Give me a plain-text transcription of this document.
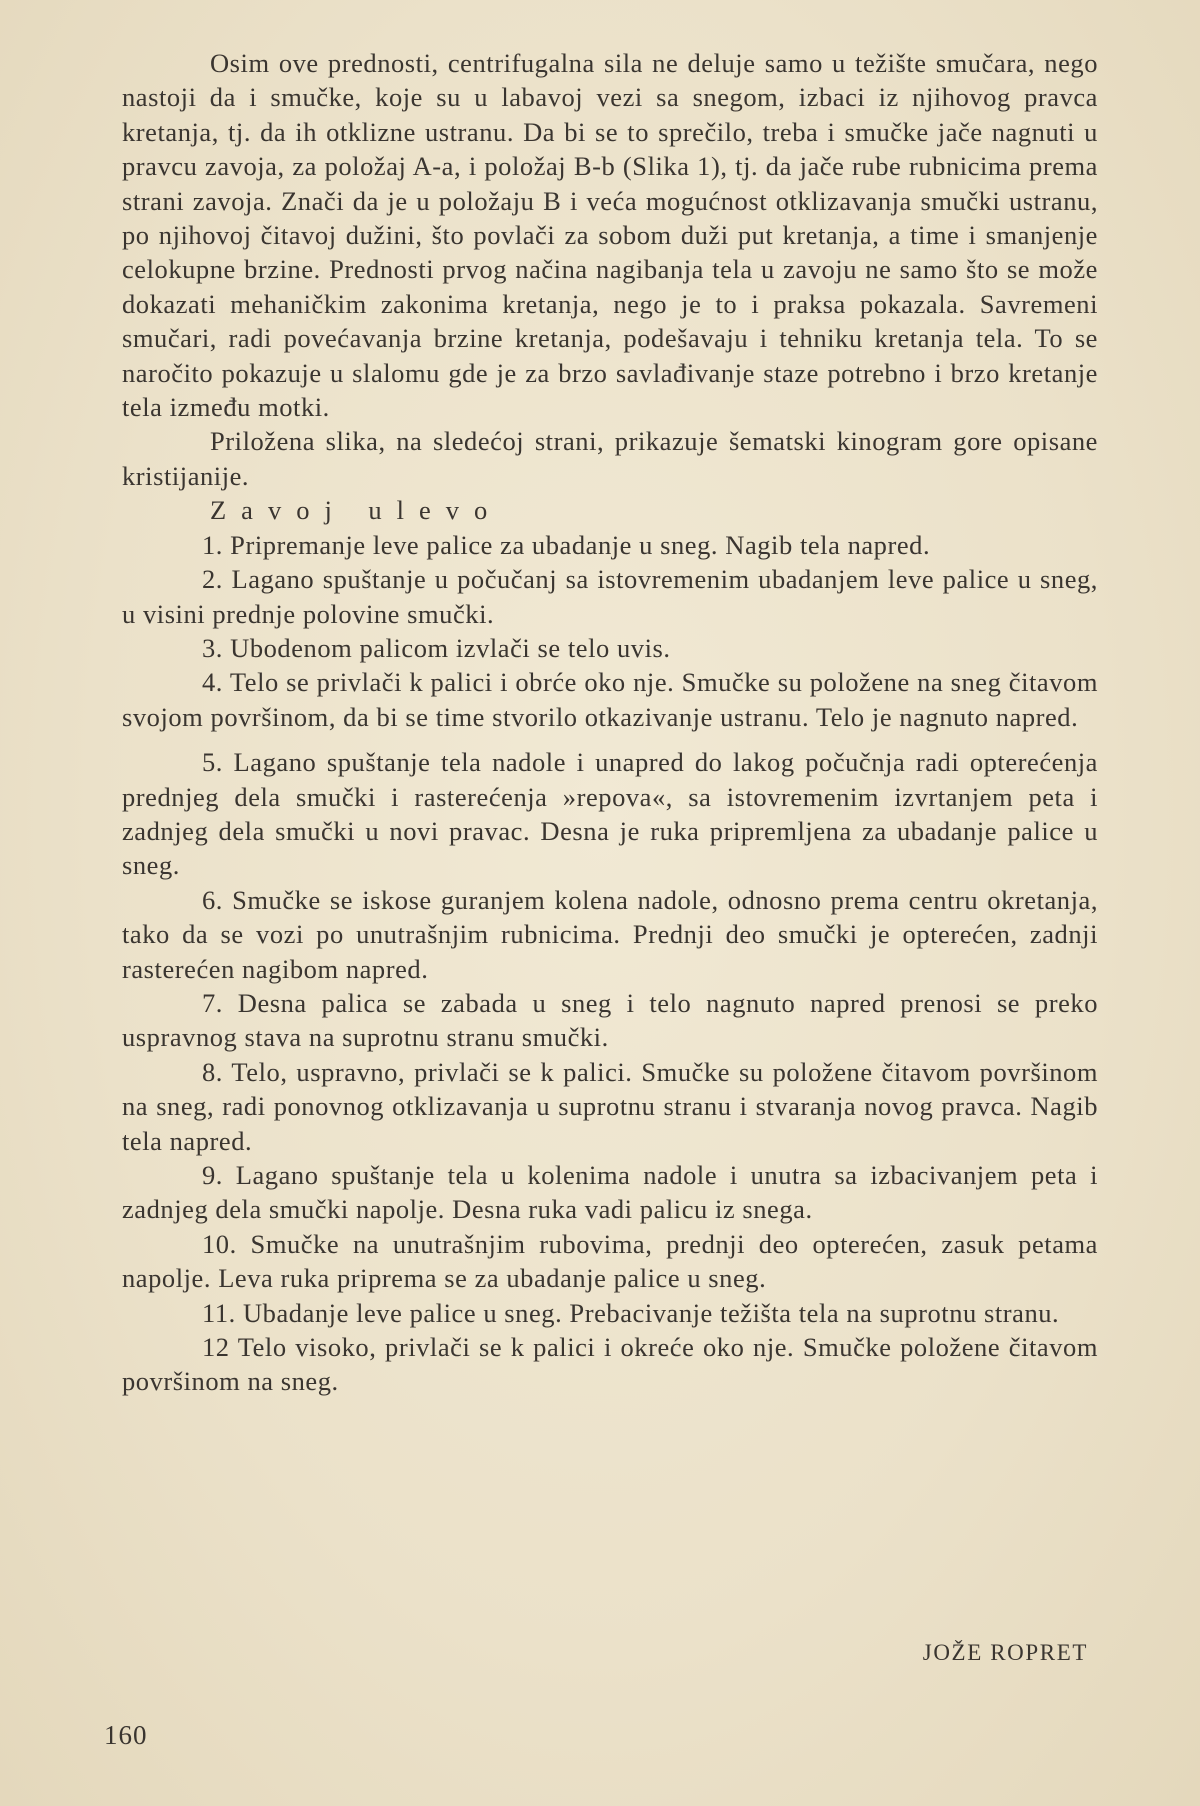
Osim ove prednosti, centrifugalna sila ne deluje samo u težište smučara, nego nastoji da i smučke, koje su u labavoj vezi sa snegom, izbaci iz njihovog pravca kretanja, tj. da ih otklizne ustranu. Da bi se to sprečilo, treba i smučke jače nagnuti u pravcu zavoja, za položaj A-a, i položaj B-b (Slika 1), tj. da jače rube rubnicima prema strani zavoja. Znači da je u položaju B i veća mogućnost otklizavanja smučki ustranu, po njihovoj čitavoj dužini, što povlači za sobom duži put kretanja, a time i smanjenje celokupne brzine. Prednosti prvog načina nagibanja tela u zavoju ne samo što se može dokazati mehaničkim zakonima kretanja, nego je to i praksa pokazala. Savremeni smučari, radi povećavanja brzine kretanja, podešavaju i tehniku kretanja tela. To se naročito pokazuje u slalomu gde je za brzo savlađivanje staze potrebno i brzo kretanje tela između motki.

Priložena slika, na sledećoj strani, prikazuje šematski kinogram gore opisane kristijanije.

Zavoj ulevo

1. Pripremanje leve palice za ubadanje u sneg. Nagib tela napred.

2. Lagano spuštanje u počučanj sa istovremenim ubadanjem leve palice u sneg, u visini prednje polovine smučki.

3. Ubodenom palicom izvlači se telo uvis.

4. Telo se privlači k palici i obrće oko nje. Smučke su položene na sneg čitavom svojom površinom, da bi se time stvorilo otkazivanje ustranu. Telo je nagnuto napred.

5. Lagano spuštanje tela nadole i unapred do lakog počučnja radi opterećenja prednjeg dela smučki i rasterećenja »repova«, sa istovremenim izvrtanjem peta i zadnjeg dela smučki u novi pravac. Desna je ruka pripremljena za ubadanje palice u sneg.

6. Smučke se iskose guranjem kolena nadole, odnosno prema centru okretanja, tako da se vozi po unutrašnjim rubnicima. Prednji deo smučki je opterećen, zadnji rasterećen nagibom napred.

7. Desna palica se zabada u sneg i telo nagnuto napred prenosi se preko uspravnog stava na suprotnu stranu smučki.

8. Telo, uspravno, privlači se k palici. Smučke su položene čitavom površinom na sneg, radi ponovnog otklizavanja u suprotnu stranu i stvaranja novog pravca. Nagib tela napred.

9. Lagano spuštanje tela u kolenima nadole i unutra sa izbacivanjem peta i zadnjeg dela smučki napolje. Desna ruka vadi palicu iz snega.

10. Smučke na unutrašnjim rubovima, prednji deo opterećen, zasuk petama napolje. Leva ruka priprema se za ubadanje palice u sneg.

11. Ubadanje leve palice u sneg. Prebacivanje težišta tela na suprotnu stranu.

12 Telo visoko, privlači se k palici i okreće oko nje. Smučke položene čitavom površinom na sneg.

JOŽE ROPRET
160
